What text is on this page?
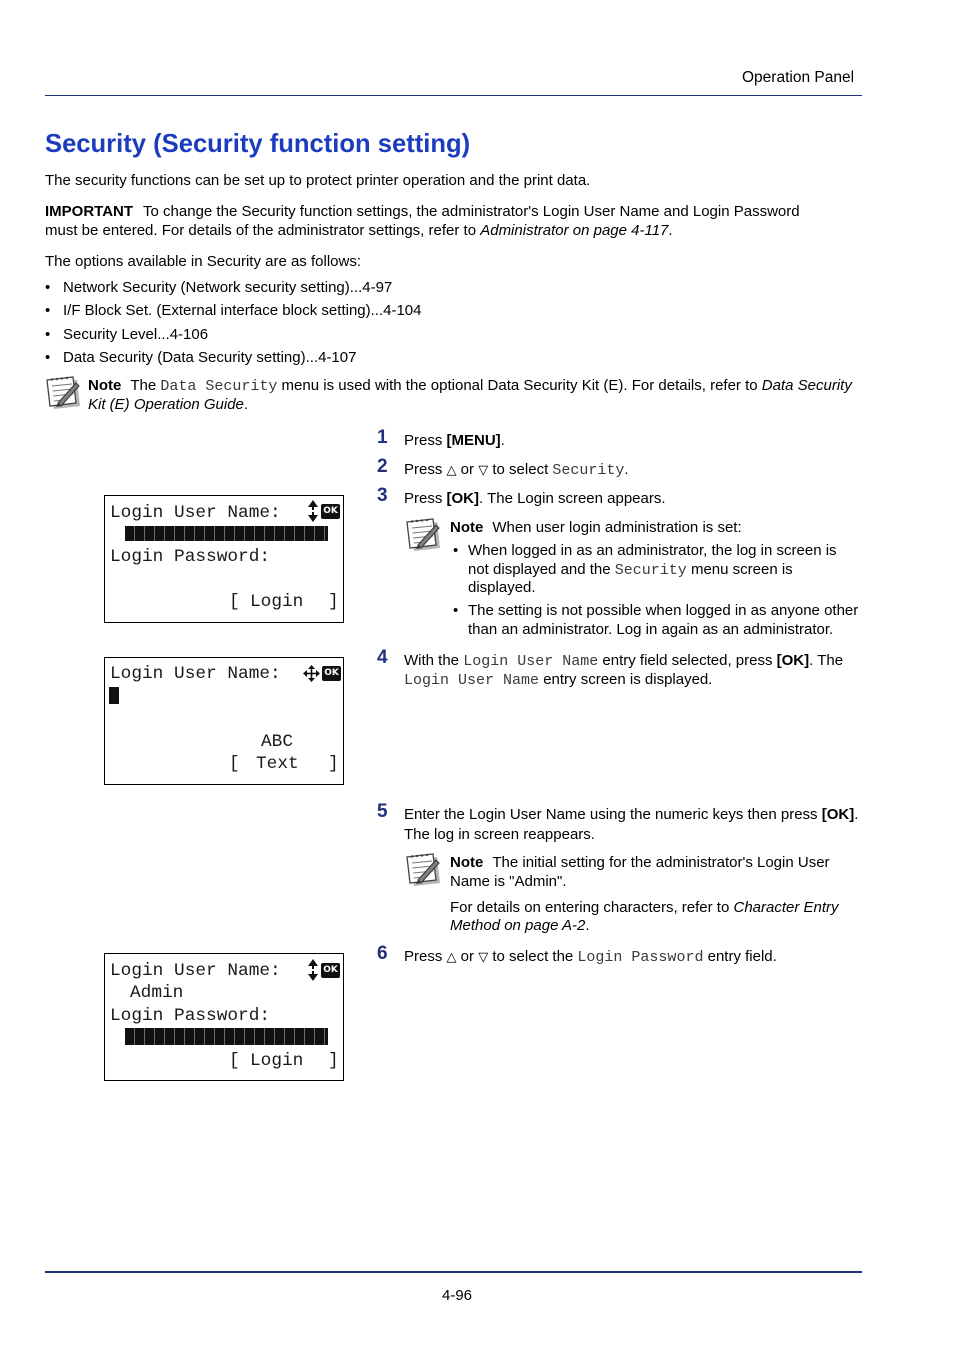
Operation Panel
Security (Security function setting)
The security functions can be set up to protect printer operation and the print data.
IMPORTANT To change the Security function settings, the administrator's Login User Name and Login Password
must be entered. For details of the administrator settings, refer to Administrator on page 4-117.
The options available in Security are as follows:
• Network Security (Network security setting)...4-97
• I/F Block Set. (External interface block setting)...4-104
• Security Level...4-106
• Data Security (Data Security setting)...4-107
Note The Data Security menu is used with the optional Data Security Kit (E). For details, refer to Data Security
Kit (E) Operation Guide.
1 Press [MENU].
2 Press △ or ▽ to select Security.
3 Press [OK]. The Login screen appears.
Note When user login administration is set:
• When logged in as an administrator, the log in screen is
not displayed and the Security menu screen is
displayed.
• The setting is not possible when logged in as anyone other
than an administrator. Log in again as an administrator.
4 With the Login User Name entry field selected, press [OK]. The
Login User Name entry screen is displayed.
5 Enter the Login User Name using the numeric keys then press [OK].
The log in screen reappears.
Note The initial setting for the administrator's Login User
Name is "Admin".
For details on entering characters, refer to Character Entry
Method on page A-2.
6 Press △ or ▽ to select the Login Password entry field.
Login User Name:	OK
Login Password:
[ Login ]
Login User Name:	OK
ABC
[ Text ]
Login User Name:	OK
Admin
Login Password:
[ Login ]
4-96
